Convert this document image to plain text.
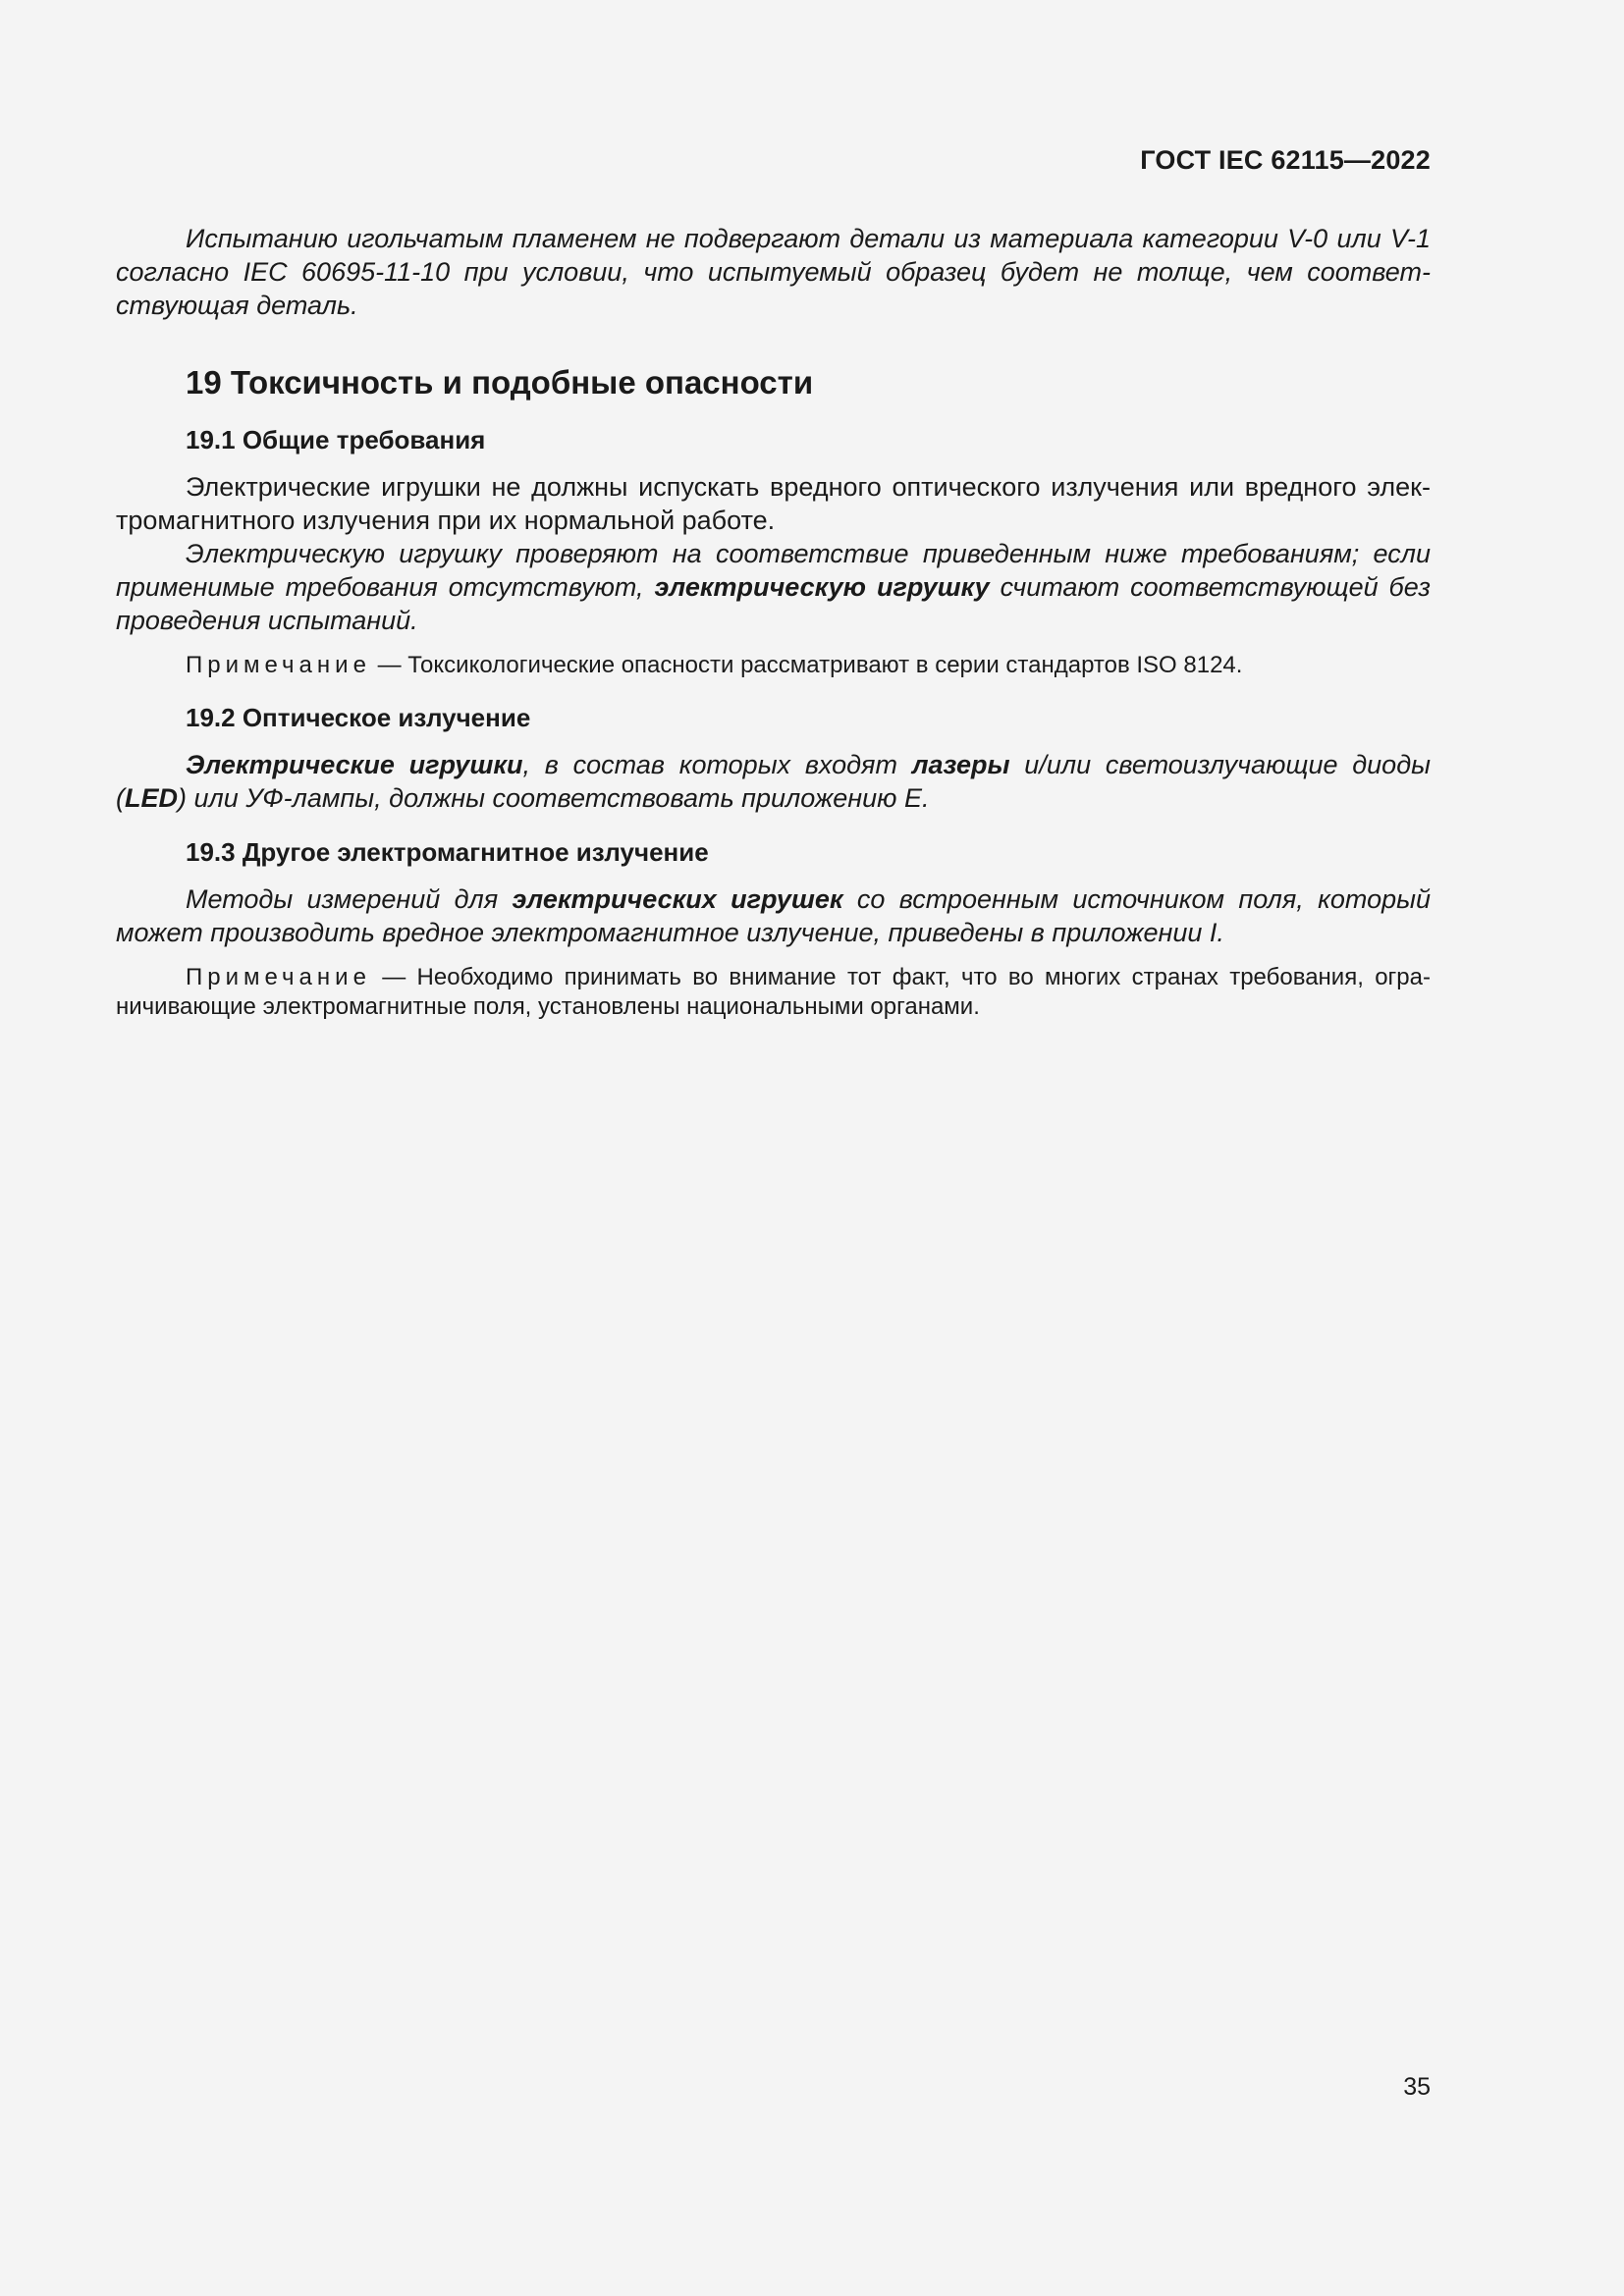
ГОСТ IEC 62115—2022

Испытанию игольчатым пламенем не подвергают детали из материала категории V-0 или V-1 согласно IEC 60695-11-10 при условии, что испытуемый образец будет не толще, чем соответствующая деталь.

19 Токсичность и подобные опасности
19.1 Общие требования

Электрические игрушки не должны испускать вредного оптического излучения или вредного электромагнитного излучения при их нормальной работе.

Электрическую игрушку проверяют на соответствие приведенным ниже требованиям; если применимые требования отсутствуют, электрическую игрушку считают соответствующей без проведения испытаний.

Примечание — Токсикологические опасности рассматривают в серии стандартов ISO 8124.

19.2 Оптическое излучение

Электрические игрушки, в состав которых входят лазеры и/или светоизлучающие диоды (LED) или УФ-лампы, должны соответствовать приложению E.

19.3 Другое электромагнитное излучение

Методы измерений для электрических игрушек со встроенным источником поля, который может производить вредное электромагнитное излучение, приведены в приложении I.

Примечание — Необходимо принимать во внимание тот факт, что во многих странах требования, ограничивающие электромагнитные поля, установлены национальными органами.

35
